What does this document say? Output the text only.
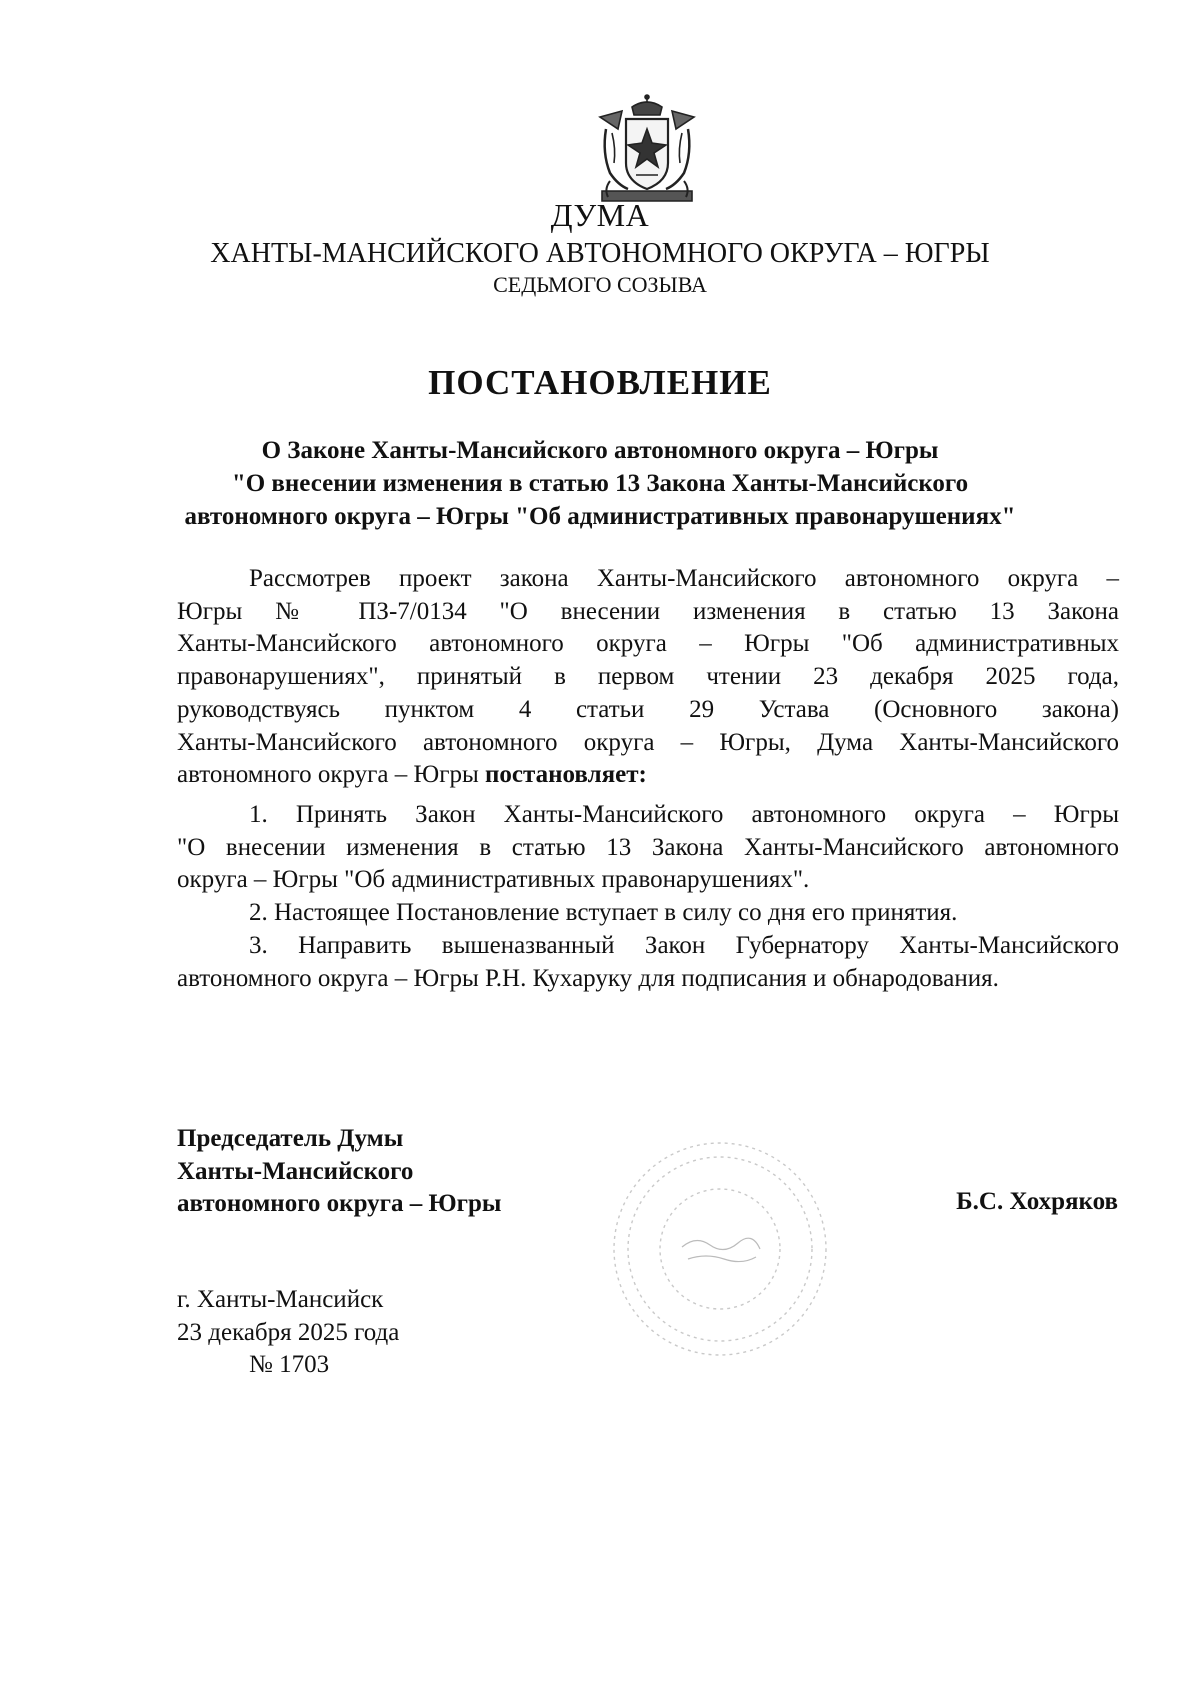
ДУМА
ХАНТЫ-МАНСИЙСКОГО АВТОНОМНОГО ОКРУГА – ЮГРЫ
СЕДЬМОГО СОЗЫВА
ПОСТАНОВЛЕНИЕ
О Законе Ханты-Мансийского автономного округа – Югры
"О внесении изменения в статью 13 Закона Ханты-Мансийского
автономного округа – Югры "Об административных правонарушениях"
Рассмотрев проект закона Ханты-Мансийского автономного округа –
Югры № ПЗ-7/0134 "О внесении изменения в статью 13 Закона
Ханты-Мансийского автономного округа – Югры "Об административных
правонарушениях", принятый в первом чтении 23 декабря 2025 года,
руководствуясь пунктом 4 статьи 29 Устава (Основного закона)
Ханты-Мансийского автономного округа – Югры, Дума Ханты-Мансийского
автономного округа – Югры постановляет:
1. Принять Закон Ханты-Мансийского автономного округа – Югры
"О внесении изменения в статью 13 Закона Ханты-Мансийского автономного
округа – Югры "Об административных правонарушениях".
2. Настоящее Постановление вступает в силу со дня его принятия.
3. Направить вышеназванный Закон Губернатору Ханты-Мансийского
автономного округа – Югры Р.Н. Кухаруку для подписания и обнародования.
Председатель Думы
Ханты-Мансийского
автономного округа – Югры	Б.С. Хохряков
г. Ханты-Мансийск
23 декабря 2025 года
№ 1703
